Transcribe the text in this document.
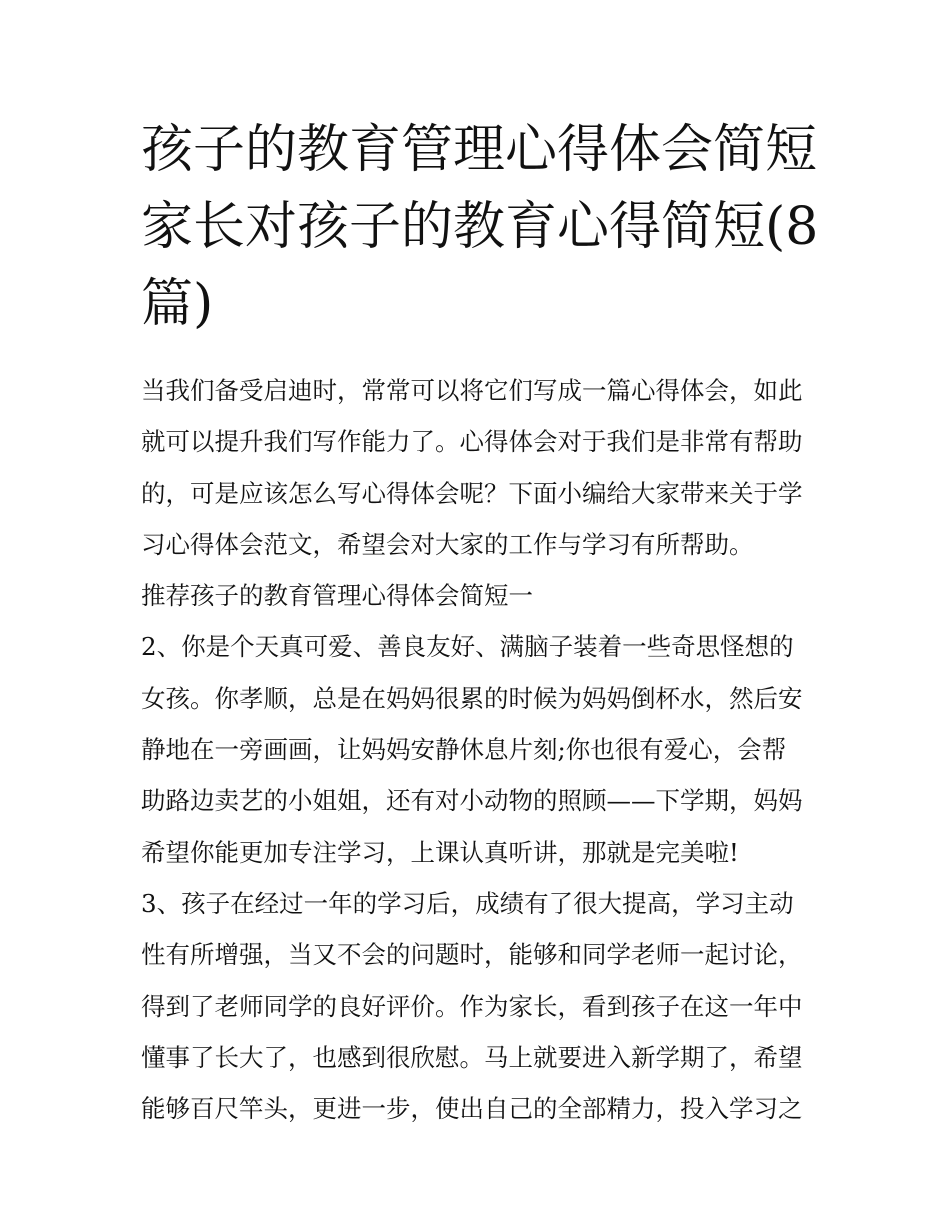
孩子的教育管理心得体会简短
家长对孩子的教育心得简短(8
篇)
当我们备受启迪时，常常可以将它们写成一篇心得体会，如此
就可以提升我们写作能力了。心得体会对于我们是非常有帮助
的，可是应该怎么写心得体会呢？下面小编给大家带来关于学
习心得体会范文，希望会对大家的工作与学习有所帮助。
推荐孩子的教育管理心得体会简短一
2、你是个天真可爱、善良友好、满脑子装着一些奇思怪想的
女孩。你孝顺，总是在妈妈很累的时候为妈妈倒杯水，然后安
静地在一旁画画，让妈妈安静休息片刻;你也很有爱心，会帮
助路边卖艺的小姐姐，还有对小动物的照顾——下学期，妈妈
希望你能更加专注学习，上课认真听讲，那就是完美啦!
3、孩子在经过一年的学习后，成绩有了很大提高，学习主动
性有所增强，当又不会的问题时，能够和同学老师一起讨论，
得到了老师同学的良好评价。作为家长，看到孩子在这一年中
懂事了长大了，也感到很欣慰。马上就要进入新学期了，希望
能够百尺竿头，更进一步，使出自己的全部精力，投入学习之
